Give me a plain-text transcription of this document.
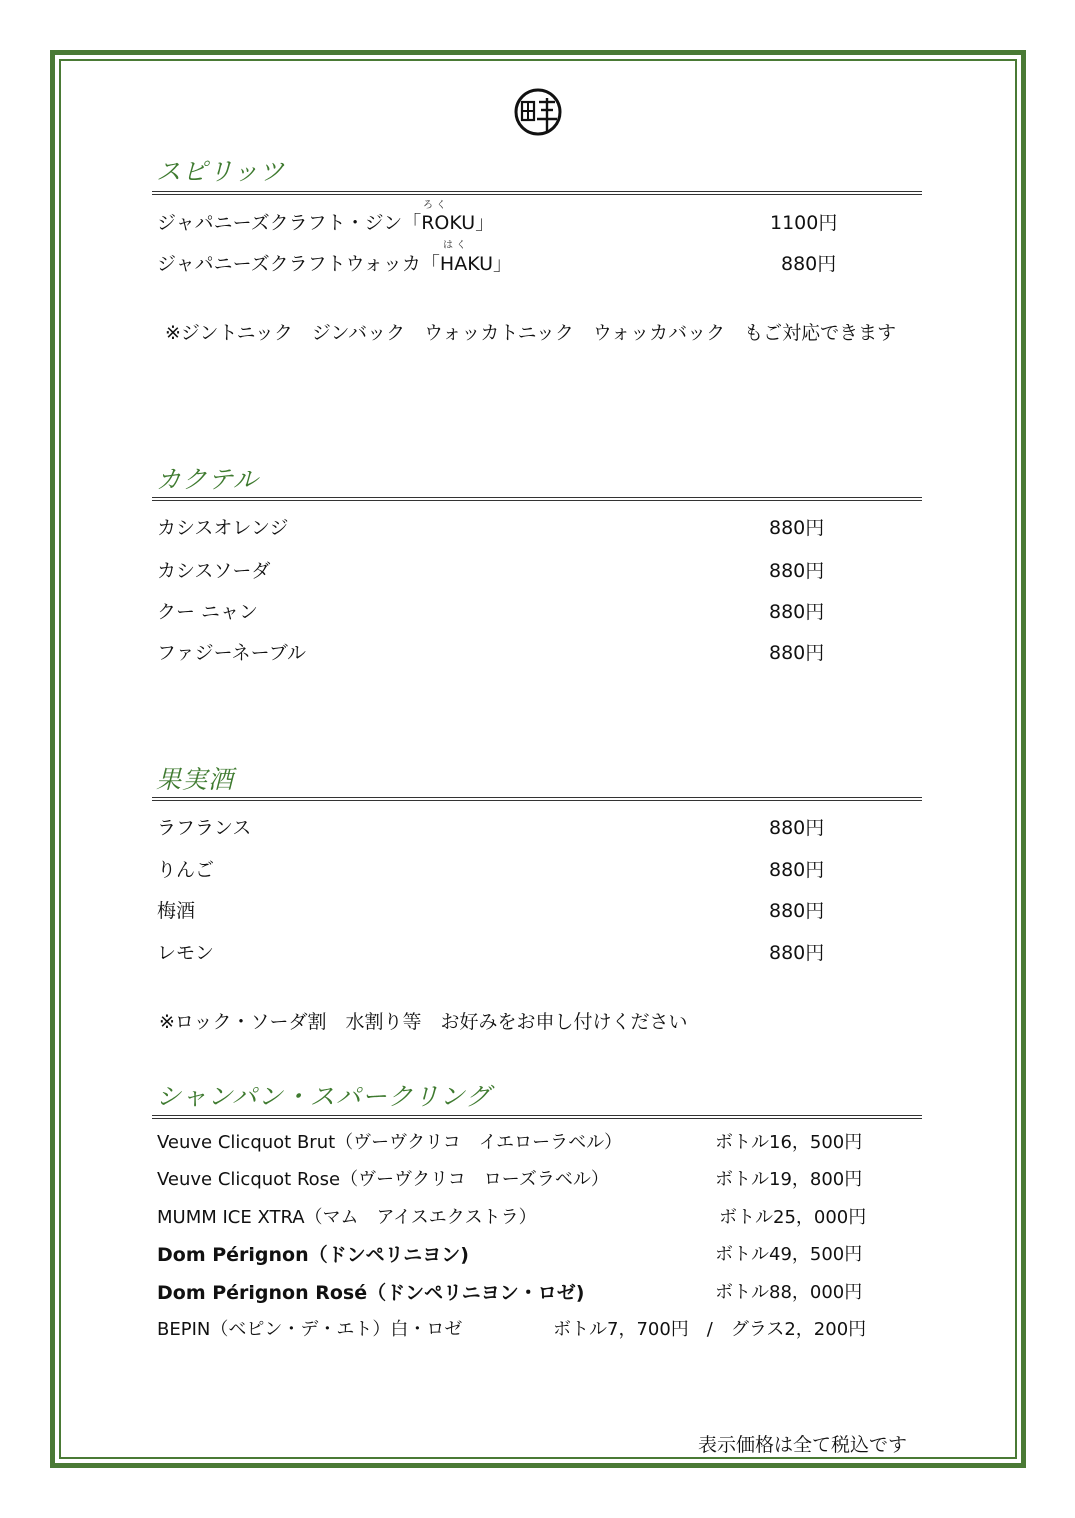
スピリッツ
ろ く
ジャパニーズクラフト・ジン「ROKU」	1100円
は く
ジャパニーズクラフトウォッカ「HAKU」	880円
※ジントニック　ジンバック　ウォッカトニック　ウォッカバック　もご対応できます
カクテル
カシスオレンジ	880円
カシスソーダ	880円
クー ニャン	880円
ファジーネーブル	880円
果実酒
ラフランス	880円
りんご	880円
梅酒	880円
レモン	880円
※ロック・ソーダ割　水割り等　お好みをお申し付けください
シャンパン・スパークリング
Veuve Clicquot Brut（ヴーヴクリコ　イエローラベル）	ボトル16，500円
Veuve Clicquot Rose（ヴーヴクリコ　ローズラベル）	ボトル19，800円
MUMM ICE XTRA（マム　アイスエクストラ）	ボトル25，000円
Dom Pérignon（ドンペリニヨン)	ボトル49，500円
Dom Pérignon Rosé（ドンペリニヨン・ロゼ)	ボトル88，000円
BEPIN（ベピン・デ・エト）白・ロゼ	ボトル7，700円　/　グラス2，200円
表示価格は全て税込です
